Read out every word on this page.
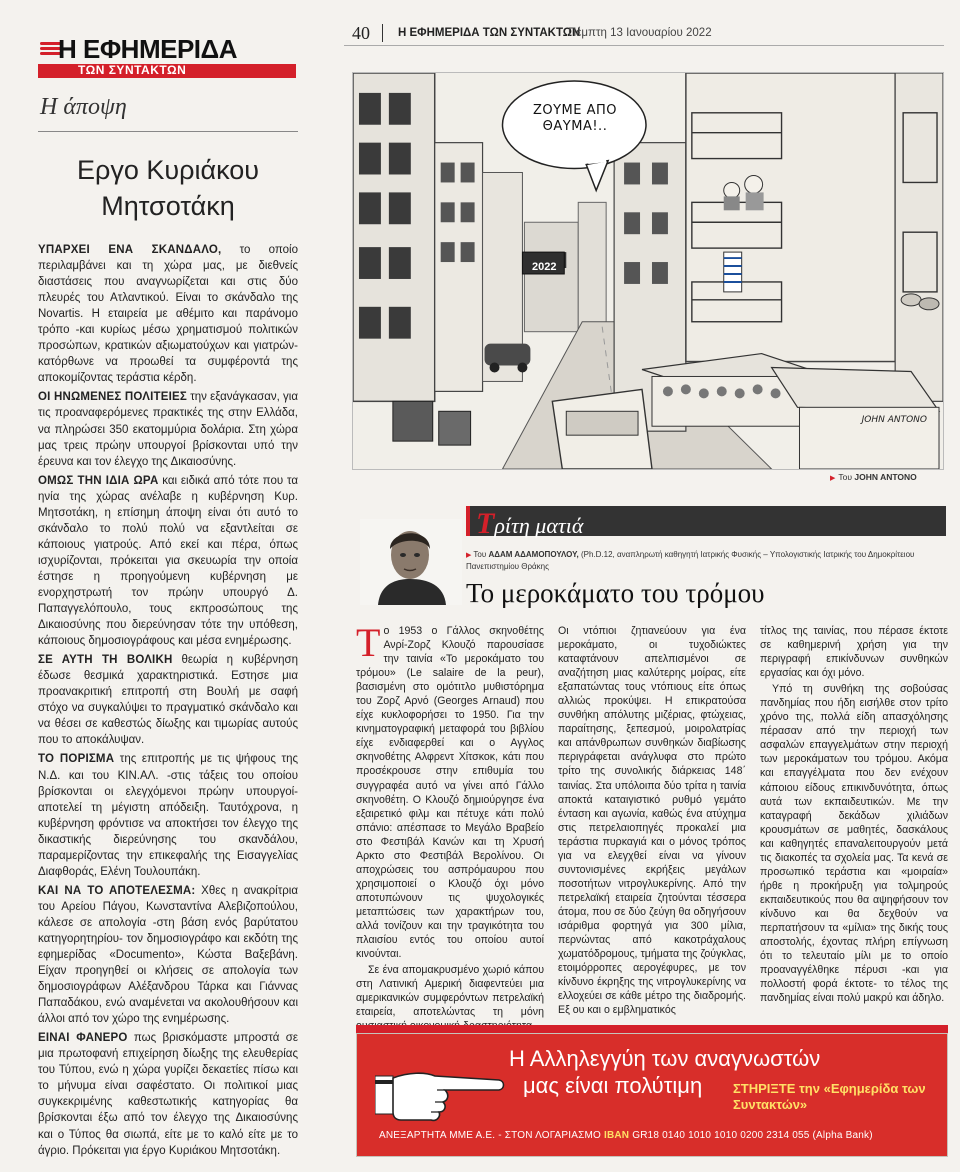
Η ΕΦΗΜΕΡΙΔΑ
ΤΩΝ ΣΥΝΤΑΚΤΩΝ
Η άποψη
Εργο Κυριάκου
Μητσοτάκη

ΥΠΑΡΧΕΙ ΕΝΑ ΣΚΑΝΔΑΛΟ, το οποίο περιλαμβάνει και τη χώρα μας, με διεθνείς διαστάσεις που αναγνωρίζεται και στις δύο πλευρές του Ατλαντικού. Είναι το σκάνδαλο της Novartis. Η εταιρεία με αθέμιτο και παράνομο τρόπο -και κυρίως μέσω χρηματισμού πολιτικών προσώπων, κρατικών αξιωματούχων και γιατρών- κατόρθωνε να προωθεί τα συμφέροντά της αποκομίζοντας τεράστια κέρδη.

ΟΙ ΗΝΩΜΕΝΕΣ ΠΟΛΙΤΕΙΕΣ την εξανάγκασαν, για τις προαναφερόμενες πρακτικές της στην Ελλάδα, να πληρώσει 350 εκατομμύρια δολάρια. Στη χώρα μας τρεις πρώην υπουργοί βρίσκονται υπό την έρευνα και τον έλεγχο της Δικαιοσύνης.

ΟΜΩΣ ΤΗΝ ΙΔΙΑ ΩΡΑ και ειδικά από τότε που τα ηνία της χώρας ανέλαβε η κυβέρνηση Κυρ. Μητσοτάκη, η επίσημη άποψη είναι ότι αυτό το σκάνδαλο το πολύ πολύ να εξαντλείται σε κάποιους γιατρούς. Από εκεί και πέρα, όπως ισχυρίζονται, πρόκειται για σκευωρία την οποία έστησε η προηγούμενη κυβέρνηση με ενορχηστρωτή τον πρώην υπουργό Δ. Παπαγγελόπουλο, τους εκπροσώπους της Δικαιοσύνης που διερεύνησαν τότε την υπόθεση, κάποιους δημοσιογράφους και μέσα ενημέρωσης.

ΣΕ ΑΥΤΗ ΤΗ ΒΟΛΙΚΗ θεωρία η κυβέρνηση έδωσε θεσμικά χαρακτηριστικά. Εστησε μια προανακριτική επιτροπή στη Βουλή με σαφή στόχο να συγκαλύψει το πραγματικό σκάνδαλο και να θέσει σε καθεστώς δίωξης και τιμωρίας αυτούς που το αποκάλυψαν.

ΤΟ ΠΟΡΙΣΜΑ της επιτροπής με τις ψήφους της Ν.Δ. και του ΚΙΝ.ΑΛ. -στις τάξεις του οποίου βρίσκονται οι ελεγχόμενοι πρώην υπουργοί- αποτελεί τη μέγιστη απόδειξη. Ταυτόχρονα, η κυβέρνηση φρόντισε να αποκτήσει τον έλεγχο της δικαστικής διερεύνησης του σκανδάλου, παραμερίζοντας την επικεφαλής της Εισαγγελίας Διαφθοράς, Ελένη Τουλουπάκη.

ΚΑΙ ΝΑ ΤΟ ΑΠΟΤΕΛΕΣΜΑ: Χθες η ανακρίτρια του Αρείου Πάγου, Κωνσταντίνα Αλεβιζοπούλου, κάλεσε σε απολογία -στη βάση ενός βαρύτατου κατηγορητηρίου- τον δημοσιογράφο και εκδότη της εφημερίδας «Documento», Κώστα Βαξεβάνη. Είχαν προηγηθεί οι κλήσεις σε απολογία των δημοσιογράφων Αλέξανδρου Τάρκα και Γιάννας Παπαδάκου, ενώ αναμένεται να ακολουθήσουν και άλλοι από τον χώρο της ενημέρωσης.

ΕΙΝΑΙ ΦΑΝΕΡΟ πως βρισκόμαστε μπροστά σε μια πρωτοφανή επιχείρηση δίωξης της ελευθερίας του Τύπου, ενώ η χώρα γυρίζει δεκαετίες πίσω και το μήνυμα είναι σαφέστατο. Οι πολιτικοί μιας συγκεκριμένης καθεστωτικής κατηγορίας θα βρίσκονται έξω από τον έλεγχο της Δικαιοσύνης και ο Τύπος θα σιωπά, είτε με το καλό είτε με το άγριο. Πρόκειται για έργο Κυριάκου Μητσοτάκη.

40 Η ΕΦΗΜΕΡΙΔΑ ΤΩΝ ΣΥΝΤΑΚΤΩΝ
Πέμπτη 13 Ιανουαρίου 2022
ΖΟΥΜΕ ΑΠΟ ΘΑΥΜΑ!..
2022
JOHN ANTONO
▶ Του JOHN ANTONO
Τρίτη ματιά
▶ Του ΑΔΑΜ ΑΔΑΜΟΠΟΥΛΟΥ, (Ph.D.12, αναπληρωτή καθηγητή Ιατρικής Φυσικής – Υπολογιστικής Ιατρικής του Δημοκρίτειου Πανεπιστημίου Θράκης
Το μεροκάματο του τρόμου

Το 1953 ο Γάλλος σκηνοθέτης Ανρί-Ζορζ Κλουζό παρουσίασε την ταινία «Το μεροκάματο του τρόμου» (Le salaire de la peur), βασισμένη στο ομότιτλο μυθιστόρημα του Ζορζ Αρνό (Georges Arnaud) που είχε κυκλοφορήσει το 1950. Για την κινηματογραφική μεταφορά του βιβλίου είχε ενδιαφερθεί και ο Αγγλος σκηνοθέτης Αλφρεντ Χίτσκοκ, κάτι που προσέκρουσε στην επιθυμία του συγγραφέα αυτό να γίνει από Γάλλο σκηνοθέτη. Ο Κλουζό δημιούργησε ένα εξαιρετικό φιλμ και πέτυχε κάτι πολύ σπάνιο: απέσπασε το Μεγάλο Βραβείο στο Φεστιβάλ Κανών και τη Χρυσή Αρκτο στο Φεστιβάλ Βερολίνου. Οι αποχρώσεις του ασπρόμαυρου που χρησιμοποιεί ο Κλουζό όχι μόνο αποτυπώνουν τις ψυχολογικές μεταπτώσεις των χαρακτήρων του, αλλά τονίζουν και την τραγικότητα του πλαισίου εντός του οποίου αυτοί κινούνται.

Σε ένα απομακρυσμένο χωριό κάπου στη Λατινική Αμερική διαφεντεύει μια αμερικανικών συμφερόντων πετρελαϊκή εταιρεία, αποτελώντας τη μόνη

Οι ντόπιοι ζητιανεύουν για ένα μεροκάματο, οι τυχοδιώκτες καταφτάνουν απελπισμένοι σε αναζήτηση μιας καλύτερης μοίρας, είτε εξαπατώντας τους ντόπιους είτε όπως αλλιώς προκύψει. Η επικρατούσα συνθήκη απόλυτης μιζέριας, φτώχειας, παραίτησης, ξεπεσμού, μοιρολατρίας και απάνθρωπων συνθηκών διαβίωσης περιγράφεται ανάγλυφα στο πρώτο τρίτο της συνολικής διάρκειας 148΄ ταινίας. Στα υπόλοιπα δύο τρίτα η ταινία αποκτά καταιγιστικό ρυθμό γεμάτο ένταση και αγωνία, καθώς ένα ατύχημα στις πετρελαιοπηγές προκαλεί μια τεράστια πυρκαγιά και ο μόνος τρόπος για να ελεγχθεί είναι να γίνουν συντονισμένες εκρήξεις μεγάλων ποσοτήτων νιτρογλυκερίνης. Από την πετρελαϊκή εταιρεία ζητούνται τέσσερα άτομα, που σε δύο ζεύγη θα οδηγήσουν ισάριθμα φορτηγά για 300 μίλια, περνώντας από κακοτράχαλους χωματόδρομους, τμήματα της ζούγκλας, ετοιμόρροπες αερογέφυρες, με τον κίνδυνο έκρηξης της νιτρογλυκερίνης να ελλοχεύει σε κάθε μέτρο της διαδρομής. Εξ ου και ο εμβληματικός

τίτλος της ταινίας, που πέρασε έκτοτε σε καθημερινή χρήση για την περιγραφή επικίνδυνων συνθηκών εργασίας και όχι μόνο.

Υπό τη συνθήκη της σοβούσας πανδημίας που ήδη εισήλθε στον τρίτο χρόνο της, πολλά είδη απασχόλησης πέρασαν από την περιοχή των ασφαλών επαγγελμάτων στην περιοχή των μεροκάματων του τρόμου. Ακόμα και επαγγέλματα που δεν ενέχουν κάποιου είδους επικινδυνότητα, όπως αυτά των εκπαιδευτικών. Με την καταγραφή δεκάδων χιλιάδων κρουσμάτων σε μαθητές, δασκάλους και καθηγητές επαναλειτουργούν μετά τις διακοπές τα σχολεία μας. Τα κενά σε προσωπικό τεράστια και «μοιραία» ήρθε η προκήρυξη για τολμηρούς εκπαιδευτικούς που θα αψηφήσουν τον κίνδυνο και θα δεχθούν να περπατήσουν τα «μίλια» της δικής τους αποστολής, έχοντας πλήρη επίγνωση ότι το τελευταίο μίλι με το οποίο προαναγγέλθηκε πέρυσι -και για πολλοστή φορά έκτοτε- το τέλος της πανδημίας είναι πολύ μακρύ και άδηλο.

Η Αλληλεγγύη των αναγνωστών
μας είναι πολύτιμη ΣΤΗΡΙΞΤΕ την «Εφημερίδα των Συντακτών»
ΑΝΕΞΑΡΤΗΤΑ ΜΜΕ Α.Ε. - ΣΤΟΝ ΛΟΓΑΡΙΑΣΜΟ IBAN GR18 0140 1010 1010 0200 2314 055 (Alpha Bank)
